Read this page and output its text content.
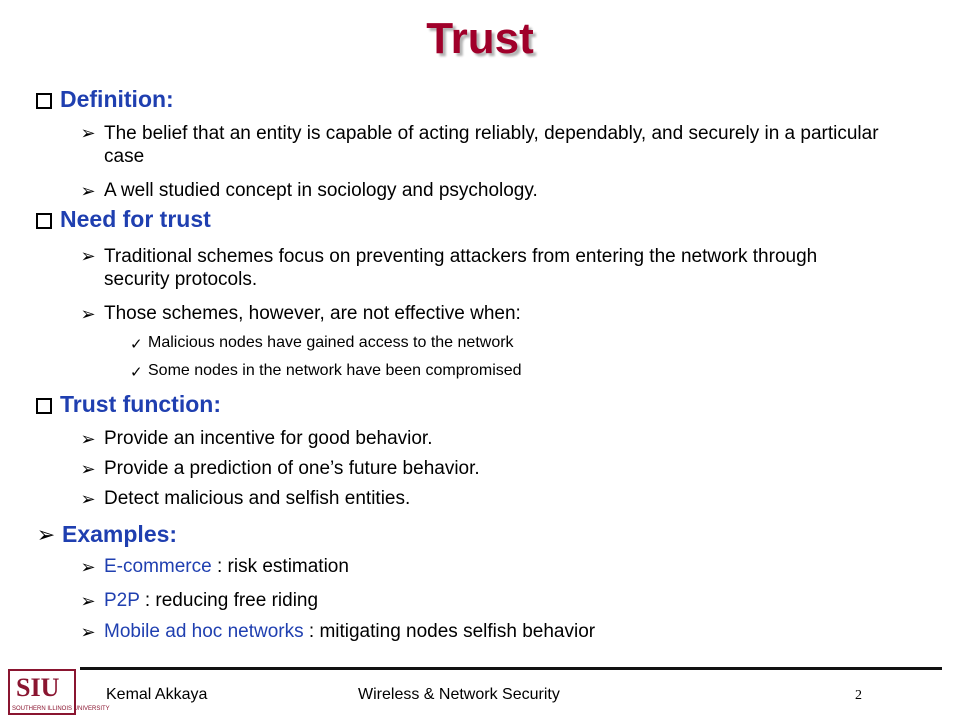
Trust
Definition:
➢ The belief that an entity is capable of acting reliably, dependably, and securely in a particular case
➢ A well studied concept in sociology and psychology.
Need for trust
➢ Traditional schemes focus on preventing attackers from entering the network through security protocols.
➢ Those schemes, however, are not effective when:
✓ Malicious nodes have gained access to the network
✓ Some nodes in the network have been compromised
Trust function:
➢ Provide an incentive for good behavior.
➢ Provide a prediction of one’s future behavior.
➢ Detect malicious and selfish entities.
➢ Examples:
➢ E-commerce : risk estimation
➢ P2P : reducing free riding
➢ Mobile ad hoc networks : mitigating nodes selfish behavior
SIU
SOUTHERN ILLINOIS UNIVERSITY
Kemal Akkaya	Wireless & Network Security	2
